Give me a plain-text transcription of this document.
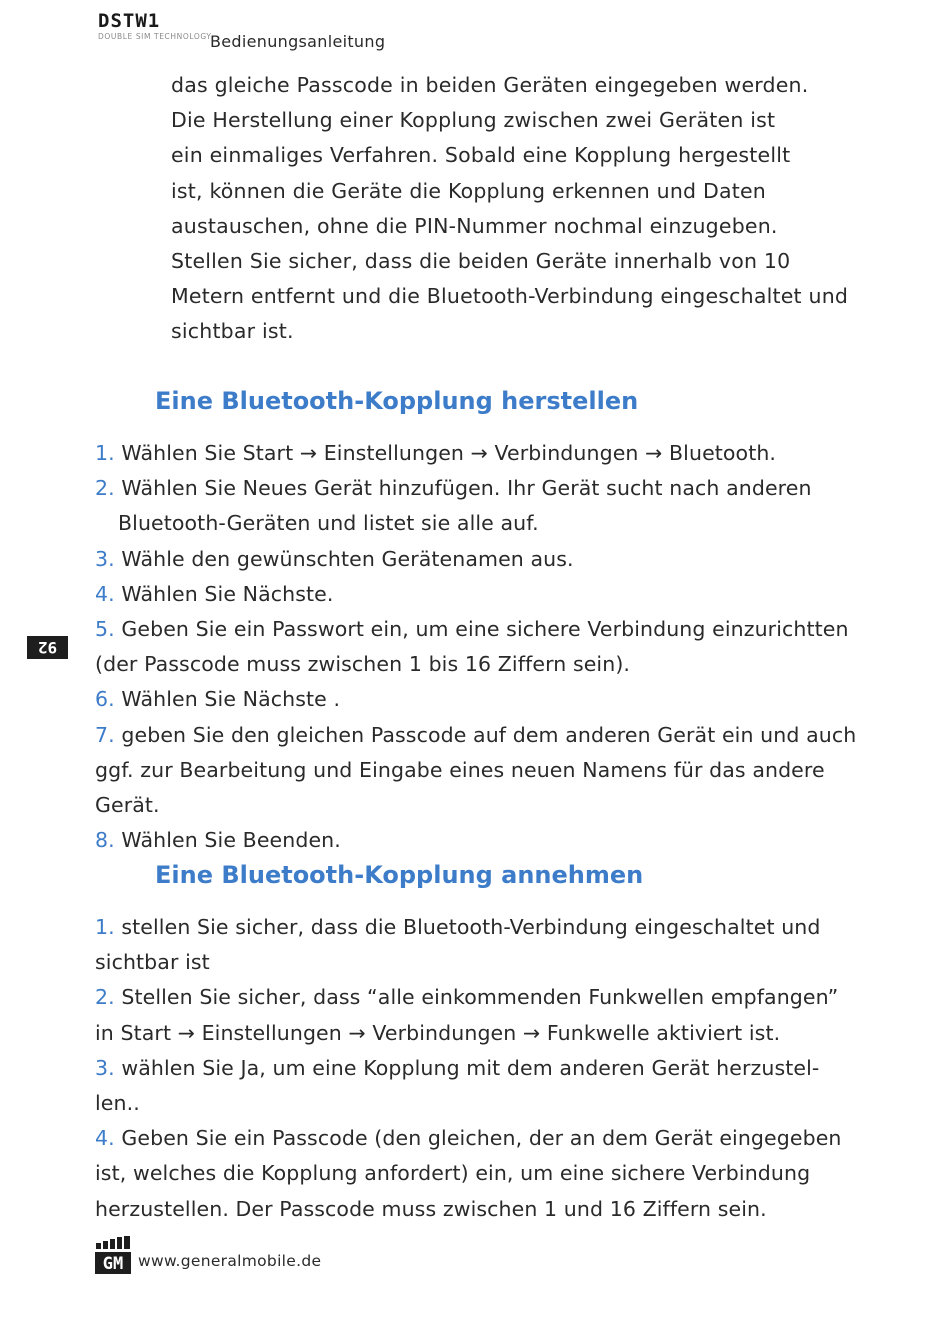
DSTW1
DOUBLE SIM TECHNOLOGY
Bedienungsanleitung
das gleiche Passcode in beiden Geräten eingegeben werden.
Die Herstellung einer Kopplung zwischen zwei Geräten ist
ein einmaliges Verfahren. Sobald eine Kopplung hergestellt
ist, können die Geräte die Kopplung erkennen und Daten
austauschen, ohne die PIN-Nummer nochmal einzugeben.
Stellen Sie sicher, dass die beiden Geräte innerhalb von 10
Metern entfernt und die Bluetooth-Verbindung eingeschaltet und
sichtbar ist.
Eine Bluetooth-Kopplung herstellen
1. Wählen Sie Start → Einstellungen → Verbindungen → Bluetooth.
2. Wählen Sie Neues Gerät hinzufügen. Ihr Gerät sucht nach anderen
Bluetooth-Geräten und listet sie alle auf.
3. Wähle den gewünschten Gerätenamen aus.
4. Wählen Sie Nächste.
5. Geben Sie ein Passwort ein, um eine sichere Verbindung einzurichtten
(der Passcode muss zwischen 1 bis 16 Ziffern sein).
6. Wählen Sie Nächste .
7. geben Sie den gleichen Passcode auf dem anderen Gerät ein und auch
ggf. zur Bearbeitung und Eingabe eines neuen Namens für das andere
Gerät.
8. Wählen Sie Beenden.
Eine Bluetooth-Kopplung annehmen
1. stellen Sie sicher, dass die Bluetooth-Verbindung eingeschaltet und
sichtbar ist
2. Stellen Sie sicher, dass “alle einkommenden Funkwellen empfangen”
in Start → Einstellungen → Verbindungen → Funkwelle aktiviert ist.
3. wählen Sie Ja, um eine Kopplung mit dem anderen Gerät herzustel-
len..
4. Geben Sie ein Passcode (den gleichen, der an dem Gerät eingegeben
ist, welches die Kopplung anfordert) ein, um eine sichere Verbindung
herzustellen. Der Passcode muss zwischen 1 und 16 Ziffern sein.
92
GM www.generalmobile.de
